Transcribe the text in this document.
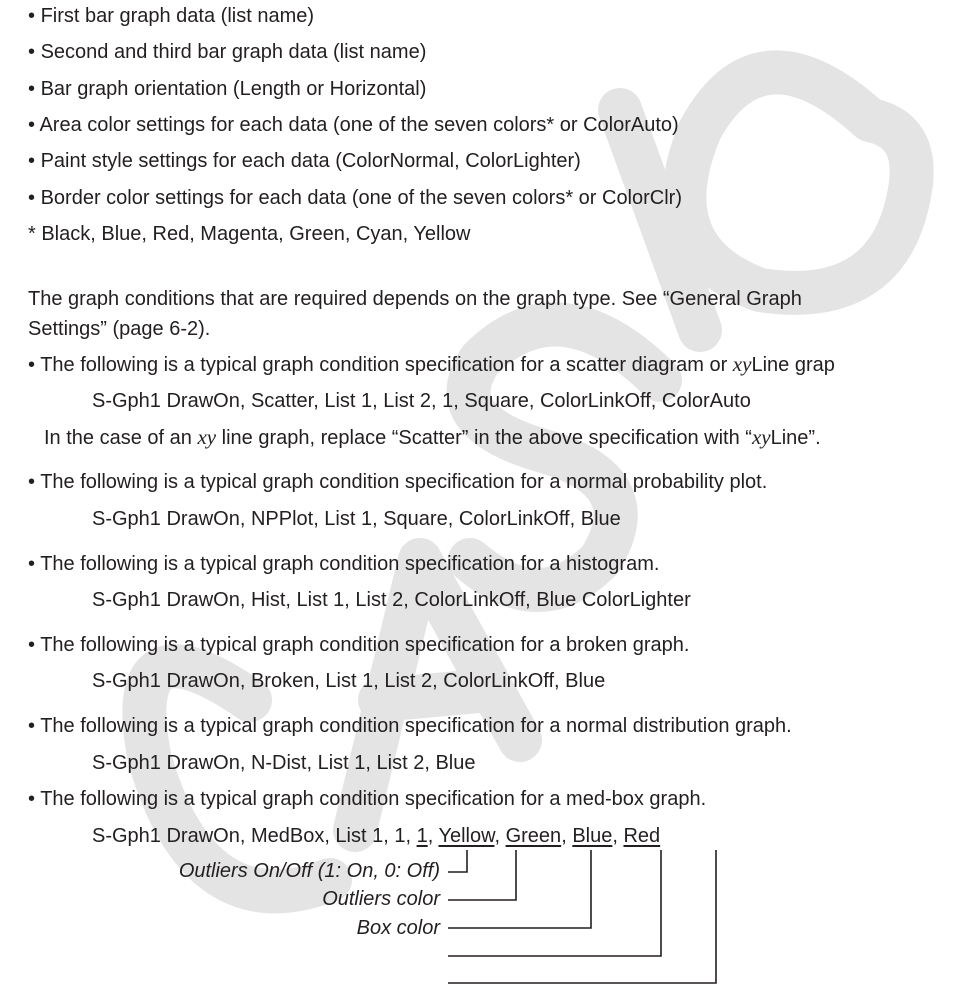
• First bar graph data (list name)
• Second and third bar graph data (list name)
• Bar graph orientation (Length or Horizontal)
• Area color settings for each data (one of the seven colors* or ColorAuto)
• Paint style settings for each data (ColorNormal, ColorLighter)
• Border color settings for each data (one of the seven colors* or ColorClr)
* Black, Blue, Red, Magenta, Green, Cyan, Yellow
The graph conditions that are required depends on the graph type. See “General Graph
Settings” (page 6-2).
• The following is a typical graph condition specification for a scatter diagram or xyLine grap
S-Gph1 DrawOn, Scatter, List 1, List 2, 1, Square, ColorLinkOff, ColorAuto
In the case of an xy line graph, replace “Scatter” in the above specification with “xyLine”.
• The following is a typical graph condition specification for a normal probability plot.
S-Gph1 DrawOn, NPPlot, List 1, Square, ColorLinkOff, Blue
• The following is a typical graph condition specification for a histogram.
S-Gph1 DrawOn, Hist, List 1, List 2, ColorLinkOff, Blue ColorLighter
• The following is a typical graph condition specification for a broken graph.
S-Gph1 DrawOn, Broken, List 1, List 2, ColorLinkOff, Blue
• The following is a typical graph condition specification for a normal distribution graph.
S-Gph1 DrawOn, N-Dist, List 1, List 2, Blue
• The following is a typical graph condition specification for a med-box graph.
S-Gph1 DrawOn, MedBox, List 1, 1, 1, Yellow, Green, Blue, Red
Outliers On/Off (1: On, 0: Off)
Outliers color
Box color
